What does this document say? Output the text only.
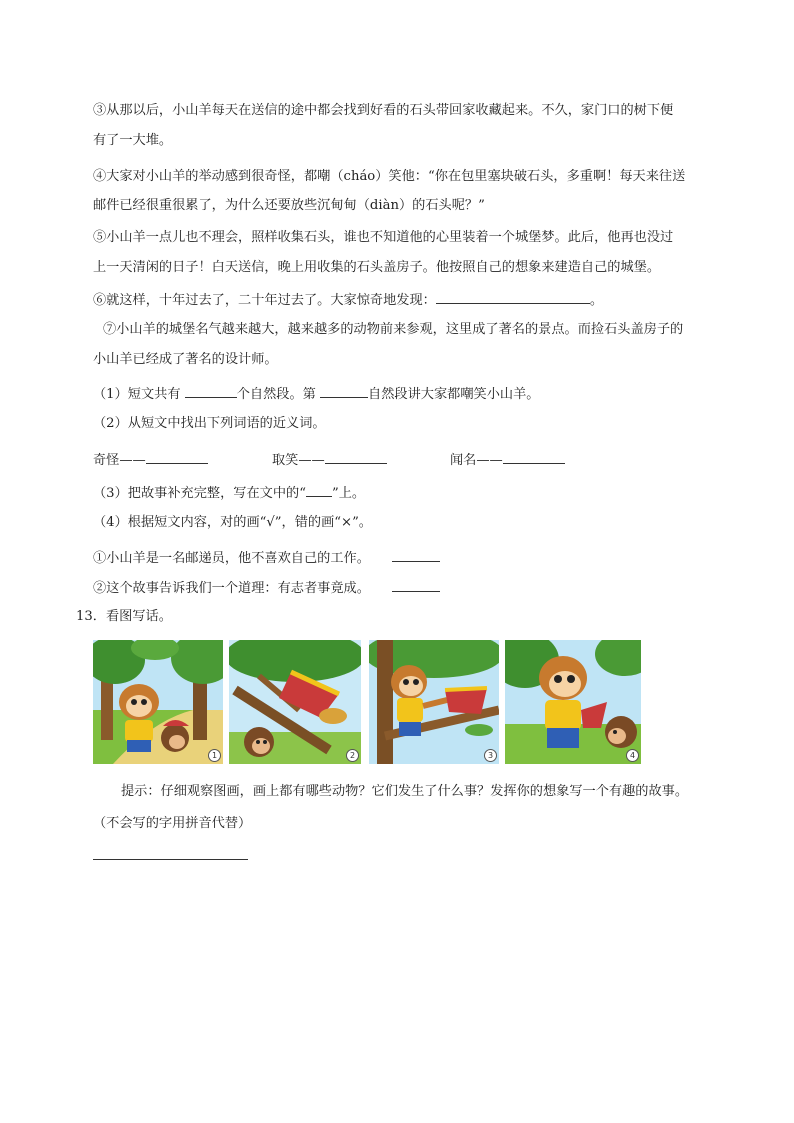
③从那以后，小山羊每天在送信的途中都会找到好看的石头带回家收藏起来。不久，家门口的树下便
有了一大堆。
④大家对小山羊的举动感到很奇怪，都嘲（cháo）笑他：“你在包里塞块破石头，多重啊！每天来往送
邮件已经很重很累了，为什么还要放些沉甸甸（diàn）的石头呢？”
⑤小山羊一点儿也不理会，照样收集石头，谁也不知道他的心里装着一个城堡梦。此后，他再也没过
上一天清闲的日子！白天送信，晚上用收集的石头盖房子。他按照自己的想象来建造自己的城堡。
⑥就这样，十年过去了，二十年过去了。大家惊奇地发现：	。
⑦小山羊的城堡名气越来越大，越来越多的动物前来参观，这里成了著名的景点。而捡石头盖房子的
小山羊已经成了著名的设计师。
（1）短文共有	个自然段。第	自然段讲大家都嘲笑小山羊。
（2）从短文中找出下列词语的近义词。
奇怪——	取笑——	闻名——
（3）把故事补充完整，写在文中的“ ”上。
（4）根据短文内容，对的画“√”，错的画“×”。
①小山羊是一名邮递员，他不喜欢自己的工作。
②这个故事告诉我们一个道理：有志者事竟成。
13．看图写话。
1	2	3	4
提示：仔细观察图画，画上都有哪些动物？它们发生了什么事？发挥你的想象写一个有趣的故事。
（不会写的字用拼音代替）
